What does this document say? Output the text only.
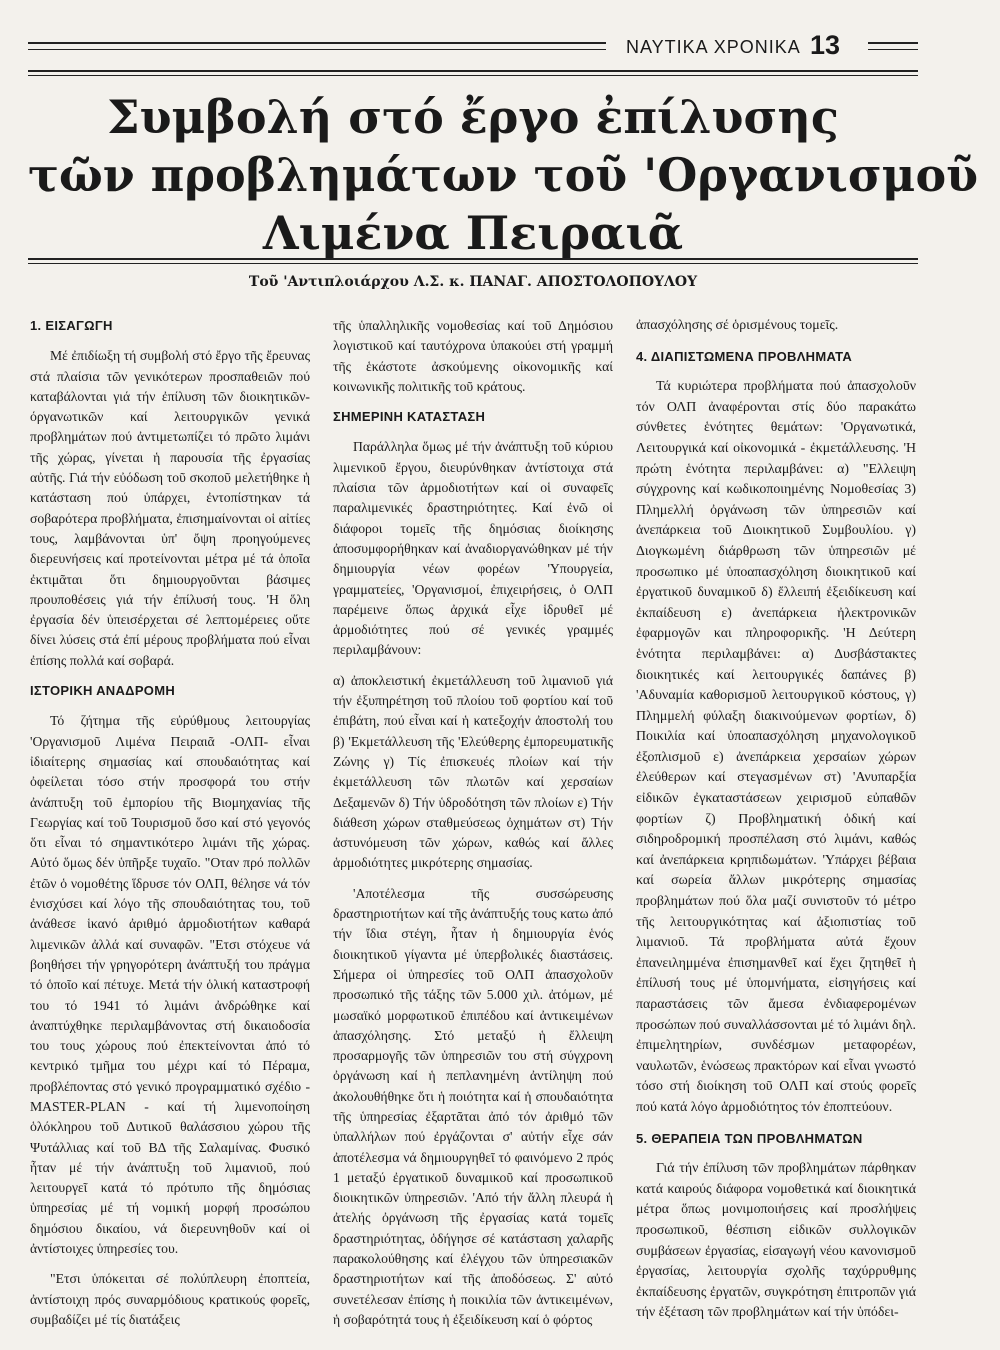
ΝΑΥΤΙΚΑ ΧΡΟΝΙΚΑ 13
Συμβολή στό ἔργο ἐπίλυσης
τῶν προβλημάτων τοῦ 'Οργανισμοῦ
Λιμένα Πειραιᾶ
Τοῦ 'Αντιπλοιάρχου Λ.Σ. κ. ΠΑΝΑΓ. ΑΠΟΣΤΟΛΟΠΟΥΛΟΥ
1. ΕΙΣΑΓΩΓΗ

Μέ ἐπιδίωξη τή συμβολή στό ἔργο τῆς ἔρευνας στά πλαίσια τῶν γενικότερων προσπαθειῶν πού καταβάλονται γιά τήν ἐπίλυση τῶν διοικητικῶν-όργανωτικῶν καί λειτουργικῶν γενικά προβλημάτων πού ἀντιμετωπίζει τό πρῶτο λιμάνι τῆς χώρας, γίνεται ἡ παρουσία τῆς ἐργασίας αὐτῆς. Γιά τήν εὐόδωση τοῦ σκοποῦ μελετήθηκε ἡ κατάσταση πού ὑπάρχει, ἐντοπίστηκαν τά σοβαρότερα προβλήματα, ἐπισημαίνονται οἱ αἰτίες τους, λαμβάνονται ὑπ' ὄψη προηγούμενες διερευνήσεις καί προτείνονται μέτρα μέ τά ὁποῖα ἐκτιμᾶται ὅτι δημιουργοῦνται βάσιμες προυποθέσεις γιά τήν ἐπίλυσή τους. 'Η ὅλη ἐργασία δέν ὑπεισέρχεται σέ λεπτομέρειες οὔτε δίνει λύσεις στά ἐπί μέρους προβλήματα πού εἶναι ἐπίσης πολλά καί σοβαρά.

ΙΣΤΟΡΙΚΗ ΑΝΑΔΡΟΜΗ

Τό ζήτημα τῆς εὐρύθμους λειτουργίας 'Οργανισμοῦ Λιμένα Πειραιᾶ -ΟΛΠ- εἶναι ἰδιαίτερης σημασίας καί σπουδαιότητας καί ὀφείλεται τόσο στήν προσφορά του στήν ἀνάπτυξη τοῦ ἐμπορίου τῆς Βιομηχανίας τῆς Γεωργίας καί τοῦ Τουρισμοῦ ὅσο καί στό γεγονός ὅτι εἶναι τό σημαντικότερο λιμάνι τῆς χώρας. Αὐτό ὅμως δέν ὑπῆρξε τυχαῖο. "Οταν πρό πολλῶν ἐτῶν ὁ νομοθέτης ἵδρυσε τόν ΟΛΠ, θέλησε νά τόν ἐνισχύσει καί λόγο τῆς σπουδαιότητας του, τοῦ ἀνάθεσε ἱκανό ἀριθμό ἁρμοδιοτήτων καθαρά λιμενικῶν ἀλλά καί συναφῶν. "Ετσι στόχευε νά βοηθήσει τήν γρηγορότερη ἀνάπτυξή του πράγμα τό ὁποῖο καί πέτυχε. Μετά τήν ὁλική καταστροφή του τό 1941 τό λιμάνι ἀνδρώθηκε καί ἀναπτύχθηκε περιλαμβάνοντας στή δικαιοδοσία του τους χώρους πού ἐπεκτείνονται ἀπό τό κεντρικό τμῆμα του μέχρι καί τό Πέραμα, προβλέποντας στό γενικό προγραμματικό σχέδιο - MASTER-PLAN - καί τή λιμενοποίηση ὁλόκληρου τοῦ Δυτικοῦ θαλάσσιου χώρου τῆς Ψυτάλλιας καί τοῦ ΒΔ τῆς Σαλαμίνας. Φυσικό ἦταν μέ τήν ἀνάπτυξη τοῦ λιμανιοῦ, πού λειτουργεῖ κατά τό πρότυπο τῆς δημόσιας ὑπηρεσίας μέ τή νομική μορφή προσώπου δημόσιου δικαίου, νά διερευνηθοῦν καί οἱ ἀντίστοιχες ὑπηρεσίες του.

"Ετσι ὑπόκειται σέ πολύπλευρη ἐποπτεία, ἀντίστοιχη πρός συναρμόδιους κρατικούς φορεῖς, συμβαδίζει μέ τίς διατάξεις

τῆς ὑπαλληλικῆς νομοθεσίας καί τοῦ Δημόσιου λογιστικοῦ καί ταυτόχρονα ὑπακούει στή γραμμή τῆς ἑκάστοτε ἀσκούμενης οἰκονομικῆς καί κοινωνικῆς πολιτικῆς τοῦ κράτους.

ΣΗΜΕΡΙΝΗ ΚΑΤΑΣΤΑΣΗ

Παράλληλα ὅμως μέ τήν ἀνάπτυξη τοῦ κύριου λιμενικοῦ ἔργου, διευρύνθηκαν ἀντίστοιχα στά πλαίσια τῶν ἁρμοδιοτήτων καί οἱ συναφεῖς παραλιμενικές δραστηριότητες. Καί ἐνῶ οἱ διάφοροι τομεῖς τῆς δημόσιας διοίκησης ἀποσυμφορήθηκαν καί ἀναδιοργανώθηκαν μέ τήν δημιουργία νέων φορέων 'Υπουργεία, γραμματείες, 'Οργανισμοί, ἐπιχειρήσεις, ὁ ΟΛΠ παρέμεινε ὅπως ἀρχικά εἶχε ἱδρυθεῖ μέ ἁρμοδιότητες πού σέ γενικές γραμμές περιλαμβάνουν:

α) ἀποκλειστική ἐκμετάλλευση τοῦ λιμανιοῦ γιά τήν ἐξυπηρέτηση τοῦ πλοίου τοῦ φορτίου καί τοῦ ἐπιβάτη, πού εἶναι καί ἡ κατεξοχήν ἀποστολή του β) 'Εκμετάλλευση τῆς 'Ελεύθερης ἐμπορευματικῆς Ζώνης γ) Τίς ἐπισκευές πλοίων καί τήν ἐκμετάλλευση τῶν πλωτῶν καί χερσαίων Δεξαμενῶν δ) Τήν ὑδροδότηση τῶν πλοίων ε) Τήν διάθεση χώρων σταθμεύσεως ὀχημάτων στ) Τήν ἀστυνόμευση τῶν χώρων, καθώς καί ἄλλες ἁρμοδιότητες μικρότερης σημασίας.

'Αποτέλεσμα τῆς συσσώρευσης δραστηριοτήτων καί τῆς ἀνάπτυξής τους κατω ἀπό τήν ἴδια στέγη, ἦταν ἡ δημιουργία ἑνός διοικητικοῦ γίγαντα μέ ὑπερβολικές διαστάσεις. Σήμερα οἱ ὑπηρεσίες τοῦ ΟΛΠ ἀπασχολοῦν προσωπικό τῆς τάξης τῶν 5.000 χιλ. ἀτόμων, μέ μωσαϊκό μορφωτικοῦ ἐπιπέδου καί ἀντικειμένων ἀπασχόλησης. Στό μεταξύ ἡ ἔλλειψη προσαρμογῆς τῶν ὑπηρεσιῶν του στή σύγχρονη ὀργάνωση καί ἡ πεπλανημένη ἀντίληψη πού ἀκολουθήθηκε ὅτι ἡ ποιότητα καί ἡ σπουδαιότητα τῆς ὑπηρεσίας ἐξαρτᾶται ἀπό τόν ἀριθμό τῶν ὑπαλλήλων πού ἐργάζονται σ' αὐτήν εἶχε σάν ἀποτέλεσμα νά δημιουργηθεῖ τό φαινόμενο 2 πρός 1 μεταξύ ἐργατικοῦ δυναμικοῦ καί προσωπικοῦ διοικητικῶν ὑπηρεσιῶν. 'Από τήν ἄλλη πλευρά ἡ ἀτελής ὀργάνωση τῆς ἐργασίας κατά τομεῖς δραστηριότητας, ὁδήγησε σέ κατάσταση χαλαρῆς παρακολούθησης καί ἐλέγχου τῶν ὑπηρεσιακῶν δραστηριοτήτων καί τῆς ἀποδόσεως. Σ' αὐτό συνετέλεσαν ἐπίσης ἡ ποικιλία τῶν ἀντικειμένων, ἡ σοβαρότητά τους ἡ ἐξειδίκευση καί ὁ φόρτος

ἀπασχόλησης σέ ὁρισμένους τομεῖς.

4. ΔΙΑΠΙΣΤΩΜΕΝΑ ΠΡΟΒΛΗΜΑΤΑ

Τά κυριώτερα προβλήματα πού ἀπασχολοῦν τόν ΟΛΠ ἀναφέρονται στίς δύο παρακάτω σύνθετες ἑνότητες θεμάτων: 'Οργανωτικά, Λειτουργικά καί οἰκονομικά - ἐκμετάλλευσης. 'Η πρώτη ἑνότητα περιλαμβάνει: α) "Ελλειψη σύγχρονης καί κωδικοποιημένης Νομοθεσίας 3) Πλημελλή ὀργάνωση τῶν ὑπηρεσιῶν καί ἀνεπάρκεια τοῦ Διοικητικοῦ Συμβουλίου. γ) Διογκωμένη διάρθρωση τῶν ὑπηρεσιῶν μέ προσωπικο μέ ὑποαπασχόληση διοικητικοῦ καί ἐργατικοῦ δυναμικοῦ δ) ἔλλειπή ἐξειδίκευση καί ἐκπαίδευση ε) ἀνεπάρκεια ἠλεκτρονικῶν ἐφαρμογῶν και πληροφορικῆς. 'Η Δεύτερη ἑνότητα περιλαμβάνει: α) Δυσβάστακτες διοικητικές καί λειτουργικές δαπάνες β) 'Αδυναμία καθορισμοῦ λειτουργικοῦ κόστους, γ) Πλημμελή φύλαξη διακινούμενων φορτίων, δ) Ποικιλία καί ὑποαπασχόληση μηχανολογικοῦ ἐξοπλισμοῦ ε) ἀνεπάρκεια χερσαίων χώρων ἐλεύθερων καί στεγασμένων στ) 'Ανυπαρξία εἰδικῶν ἐγκαταστάσεων χειρισμοῦ εὐπαθῶν φορτίων ζ) Προβληματική ὁδική καί σιδηροδρομική προσπέλαση στό λιμάνι, καθώς καί ἀνεπάρκεια κρηπιδωμάτων. 'Υπάρχει βέβαια καί σωρεία ἄλλων μικρότερης σημασίας προβλημάτων πού ὅλα μαζί συνιστοῦν τό μέτρο τῆς λειτουργικότητας καί ἀξιοπιστίας τοῦ λιμανιοῦ. Τά προβλήματα αὐτά ἔχουν ἐπανειλημμένα ἐπισημανθεῖ καί ἔχει ζητηθεῖ ἡ ἐπίλυσή τους μέ ὑπομνήματα, εἰσηγήσεις καί παραστάσεις τῶν ἄμεσα ἐνδιαφερομένων προσώπων πού συναλλάσσονται μέ τό λιμάνι δηλ. ἐπιμελητηρίων, συνδέσμων μεταφορέων, ναυλωτῶν, ἑνώσεως πρακτόρων καί εἶναι γνωστό τόσο στή διοίκηση τοῦ ΟΛΠ καί στούς φορεῖς πού κατά λόγο ἁρμοδιότητος τόν ἐποπτεύουν.

5. ΘΕΡΑΠΕΙΑ ΤΩΝ ΠΡΟΒΛΗΜΑΤΩΝ

Γιά τήν ἐπίλυση τῶν προβλημάτων πάρθηκαν κατά καιρούς διάφορα νομοθετικά καί διοικητικά μέτρα ὅπως μονιμοποιήσεις καί προσλήψεις προσωπικοῦ, θέσπιση εἰδικῶν συλλογικῶν συμβάσεων ἐργασίας, εἰσαγωγή νέου κανονισμοῦ ἐργασίας, λειτουργία σχολῆς ταχύρρυθμης ἐκπαίδευσης ἐργατῶν, συγκρότηση ἐπιτροπῶν γιά τήν ἐξέταση τῶν προβλημάτων καί τήν ὑπόδει-
